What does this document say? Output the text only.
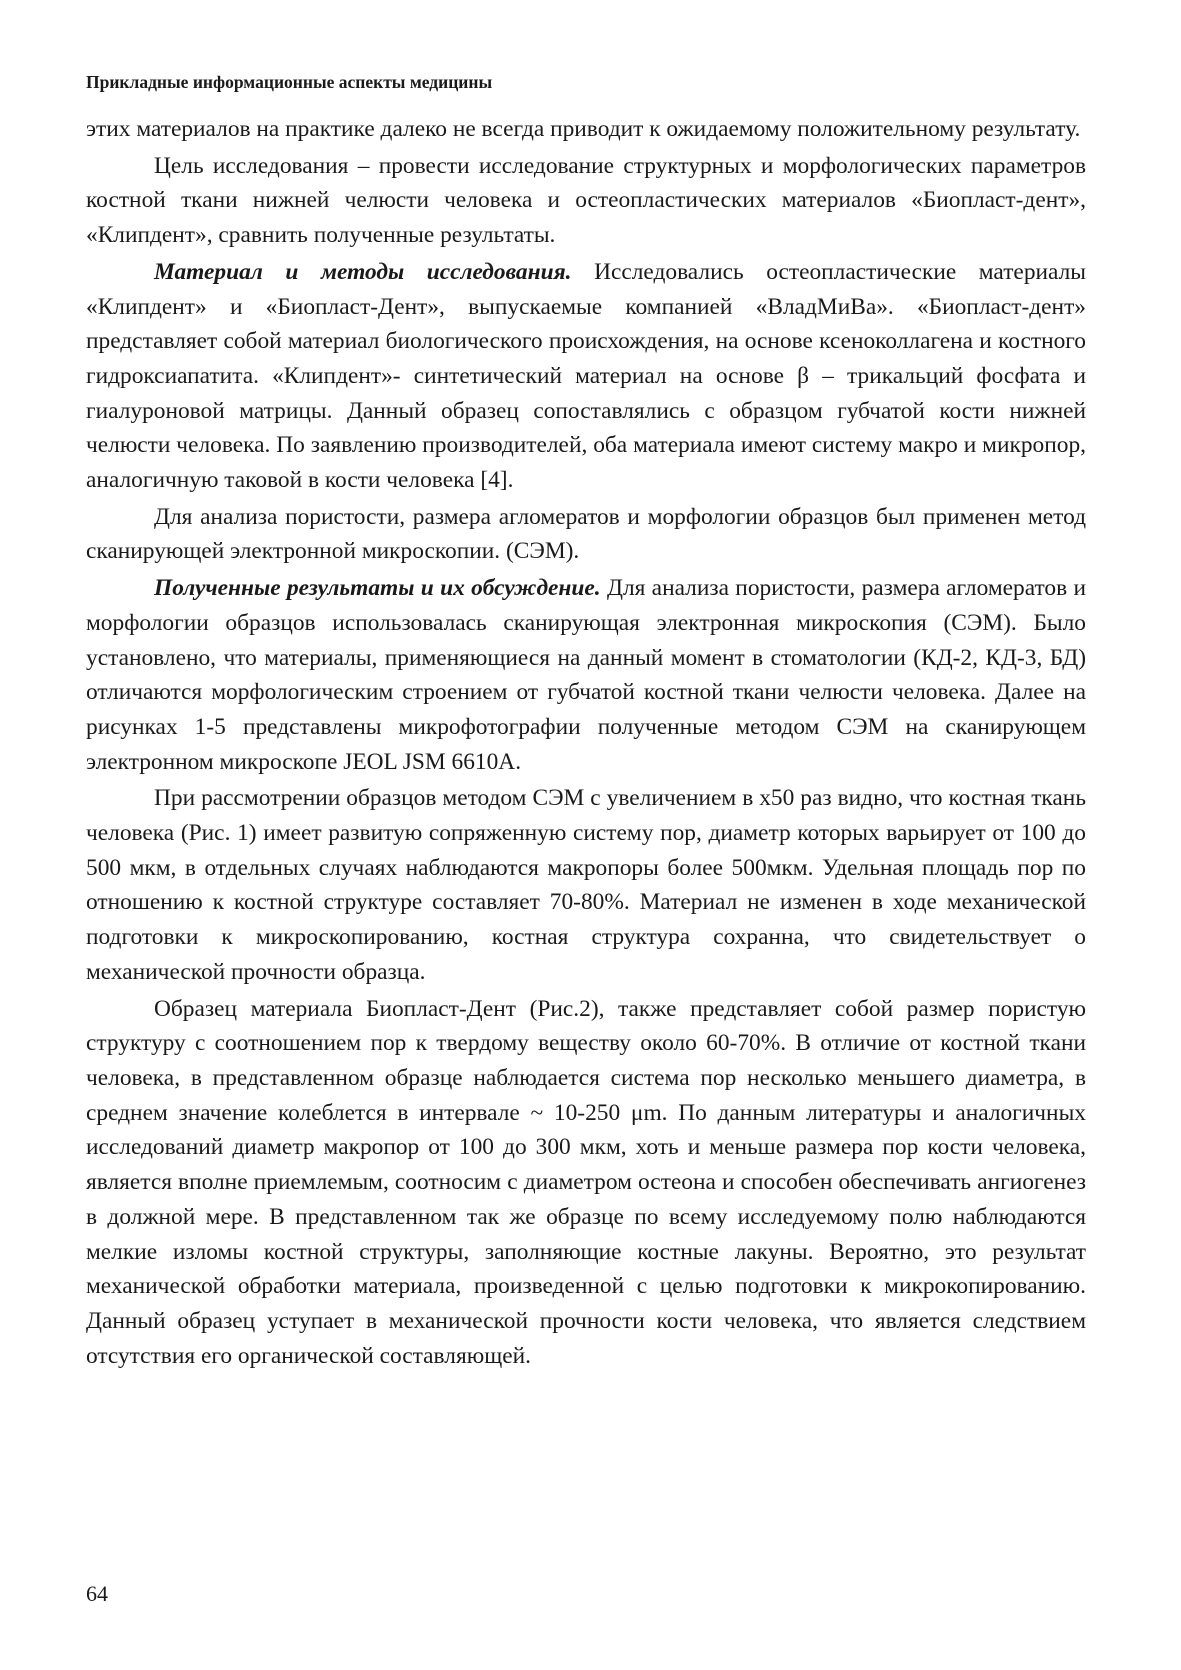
Прикладные информационные аспекты медицины

этих материалов на практике далеко не всегда приводит к ожидаемому положительному результату.

Цель исследования – провести исследование структурных и морфологических параметров костной ткани нижней челюсти человека и остеопластических материалов «Биопласт-дент», «Клипдент», сравнить полученные результаты.

Материал и методы исследования. Исследовались остеопластические материалы «Клипдент» и «Биопласт-Дент», выпускаемые компанией «ВладМиВа». «Биопласт-дент» представляет собой материал биологического происхождения, на основе ксеноколлагена и костного гидроксиапатита. «Клипдент»- синтетический материал на основе β – трикальций фосфата и гиалуроновой матрицы. Данный образец сопоставлялись с образцом губчатой кости нижней челюсти человека. По заявлению производителей, оба материала имеют систему макро и микропор, аналогичную таковой в кости человека [4].

Для анализа пористости, размера агломератов и морфологии образцов был применен метод сканирующей электронной микроскопии. (СЭМ).

Полученные результаты и их обсуждение. Для анализа пористости, размера агломератов и морфологии образцов использовалась сканирующая электронная микроскопия (СЭМ). Было установлено, что материалы, применяющиеся на данный момент в стоматологии (КД-2, КД-3, БД) отличаются морфологическим строением от губчатой костной ткани челюсти человека. Далее на рисунках 1-5 представлены микрофотографии полученные методом СЭМ на сканирующем электронном микроскопе JEOL JSM 6610A.

При рассмотрении образцов методом СЭМ с увеличением в х50 раз видно, что костная ткань человека (Рис. 1) имеет развитую сопряженную систему пор, диаметр которых варьирует от 100 до 500 мкм, в отдельных случаях наблюдаются макропоры более 500мкм. Удельная площадь пор по отношению к костной структуре составляет 70-80%. Материал не изменен в ходе механической подготовки к микроскопированию, костная структура сохранна, что свидетельствует о механической прочности образца.

Образец материала Биопласт-Дент (Рис.2), также представляет собой размер пористую структуру с соотношением пор к твердому веществу около 60-70%. В отличие от костной ткани человека, в представленном образце наблюдается система пор несколько меньшего диаметра, в среднем значение колеблется в интервале ~ 10-250 μm. По данным литературы и аналогичных исследований диаметр макропор от 100 до 300 мкм, хоть и меньше размера пор кости человека, является вполне приемлемым, соотносим с диаметром остеона и способен обеспечивать ангиогенез в должной мере. В представленном так же образце по всему исследуемому полю наблюдаются мелкие изломы костной структуры, заполняющие костные лакуны. Вероятно, это результат механической обработки материала, произведенной с целью подготовки к микрокопированию. Данный образец уступает в механической прочности кости человека, что является следствием отсутствия его органической составляющей.

64
